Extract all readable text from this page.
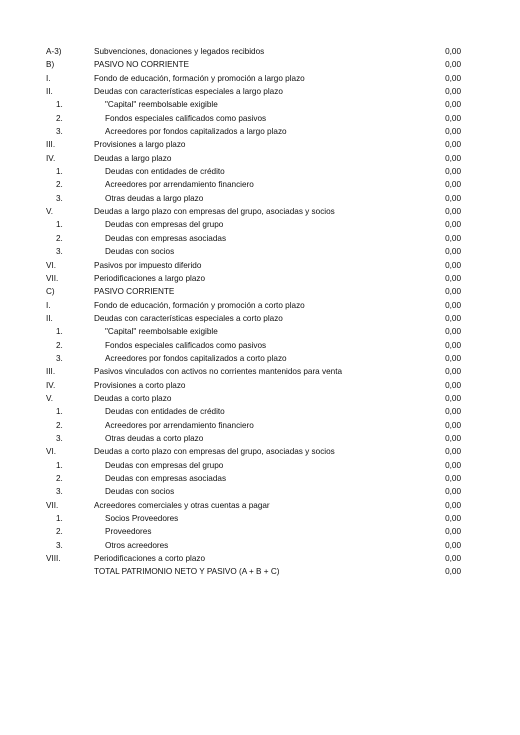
A-3)	Subvenciones, donaciones y legados recibidos	0,00
B)	PASIVO NO CORRIENTE	0,00
I.	Fondo de educación, formación y promoción a largo plazo	0,00
II.	Deudas con características especiales a largo plazo	0,00
1.	"Capital" reembolsable exigible	0,00
2.	Fondos especiales calificados como pasivos	0,00
3.	Acreedores por fondos capitalizados a largo plazo	0,00
III.	Provisiones a largo plazo	0,00
IV.	Deudas a largo plazo	0,00
1.	Deudas con entidades de crédito	0,00
2.	Acreedores por arrendamiento financiero	0,00
3.	Otras deudas a largo plazo	0,00
V.	Deudas a largo plazo con empresas del grupo, asociadas y socios	0,00
1.	Deudas con empresas del grupo	0,00
2.	Deudas con empresas asociadas	0,00
3.	Deudas con socios	0,00
VI.	Pasivos por impuesto diferido	0,00
VII.	Periodificaciones a largo plazo	0,00
C)	PASIVO CORRIENTE	0,00
I.	Fondo de educación, formación y promoción a corto plazo	0,00
II.	Deudas con características especiales a corto plazo	0,00
1.	"Capital" reembolsable exigible	0,00
2.	Fondos especiales calificados como pasivos	0,00
3.	Acreedores por fondos capitalizados a corto plazo	0,00
III.	Pasivos vinculados con activos no corrientes mantenidos para venta	0,00
IV.	Provisiones a corto plazo	0,00
V.	Deudas a corto plazo	0,00
1.	Deudas con entidades de crédito	0,00
2.	Acreedores por arrendamiento financiero	0,00
3.	Otras deudas a corto plazo	0,00
VI.	Deudas a corto plazo con empresas del grupo, asociadas y socios	0,00
1.	Deudas con empresas del grupo	0,00
2.	Deudas con empresas asociadas	0,00
3.	Deudas con socios	0,00
VII.	Acreedores comerciales y otras cuentas a pagar	0,00
1.	Socios Proveedores	0,00
2.	Proveedores	0,00
3.	Otros acreedores	0,00
VIII.	Periodificaciones a corto plazo	0,00
TOTAL PATRIMONIO NETO Y PASIVO (A + B + C)	0,00
